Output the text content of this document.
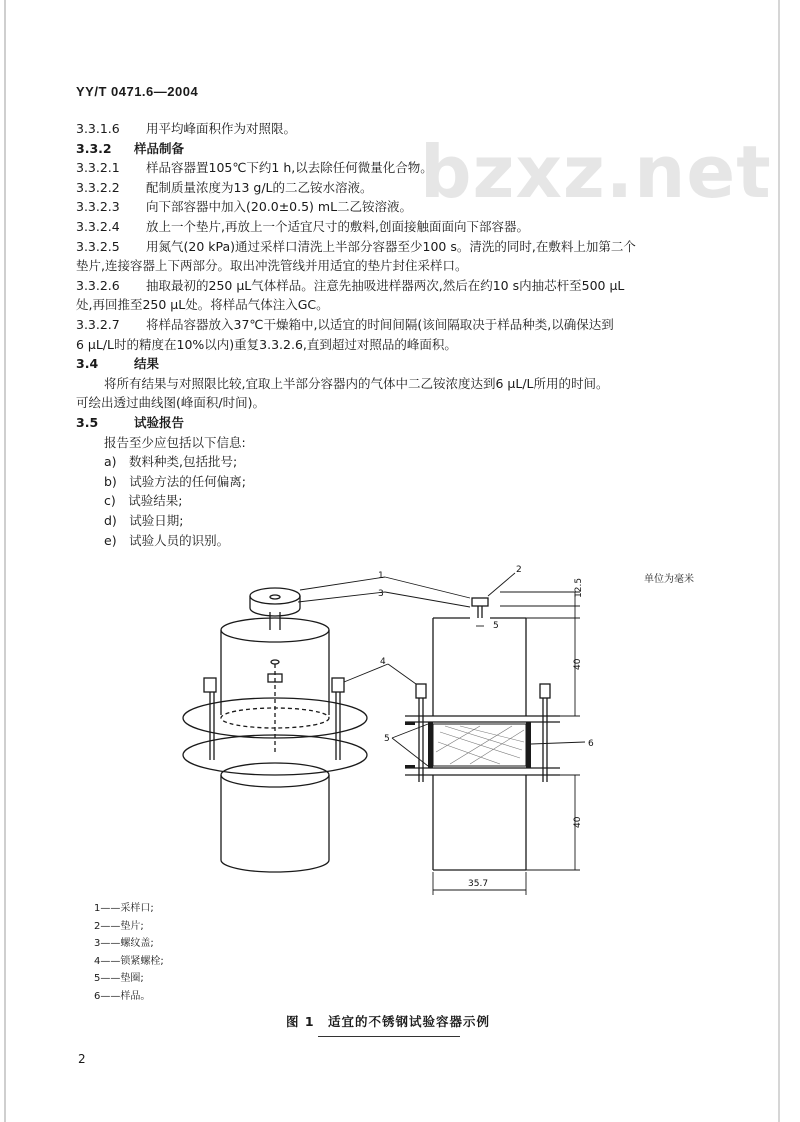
bzxz.net
YY/T 0471.6—2004
3.3.1.6 用平均峰面积作为对照限。
3.3.2 样品制备
3.3.2.1 样品容器置105℃下约1 h,以去除任何微量化合物。
3.3.2.2 配制质量浓度为13 g/L的二乙铵水溶液。
3.3.2.3 向下部容器中加入(20.0±0.5) mL二乙铵溶液。
3.3.2.4 放上一个垫片,再放上一个适宜尺寸的敷料,创面接触面面向下部容器。
3.3.2.5 用氮气(20 kPa)通过采样口清洗上半部分容器至少100 s。清洗的同时,在敷料上加第二个
垫片,连接容器上下两部分。取出冲洗管线并用适宜的垫片封住采样口。
3.3.2.6 抽取最初的250 μL气体样品。注意先抽吸进样器两次,然后在约10 s内抽芯杆至500 μL
处,再回推至250 μL处。将样品气体注入GC。
3.3.2.7 将样品容器放入37℃干燥箱中,以适宜的时间间隔(该间隔取决于样品种类,以确保达到
6 μL/L时的精度在10%以内)重复3.3.2.6,直到超过对照品的峰面积。
3.4	结果
将所有结果与对照限比较,宜取上半部分容器内的气体中二乙铵浓度达到6 μL/L所用的时间。
可绘出透过曲线图(峰面积/时间)。
3.5	试验报告
报告至少应包括以下信息:
a)　数料种类,包括批号;
b)　试验方法的任何偏离;
c)　试验结果;
d)　试验日期;
e)　试验人员的识别。
单位为毫米
1
2
3
4
5	6
12.5
5
40
40
35.7
1——采样口;
2——垫片;
3——螺纹盖;
4——锁紧螺栓;
5——垫圈;
6——样品。
图 1　适宜的不锈钢试验容器示例
2
